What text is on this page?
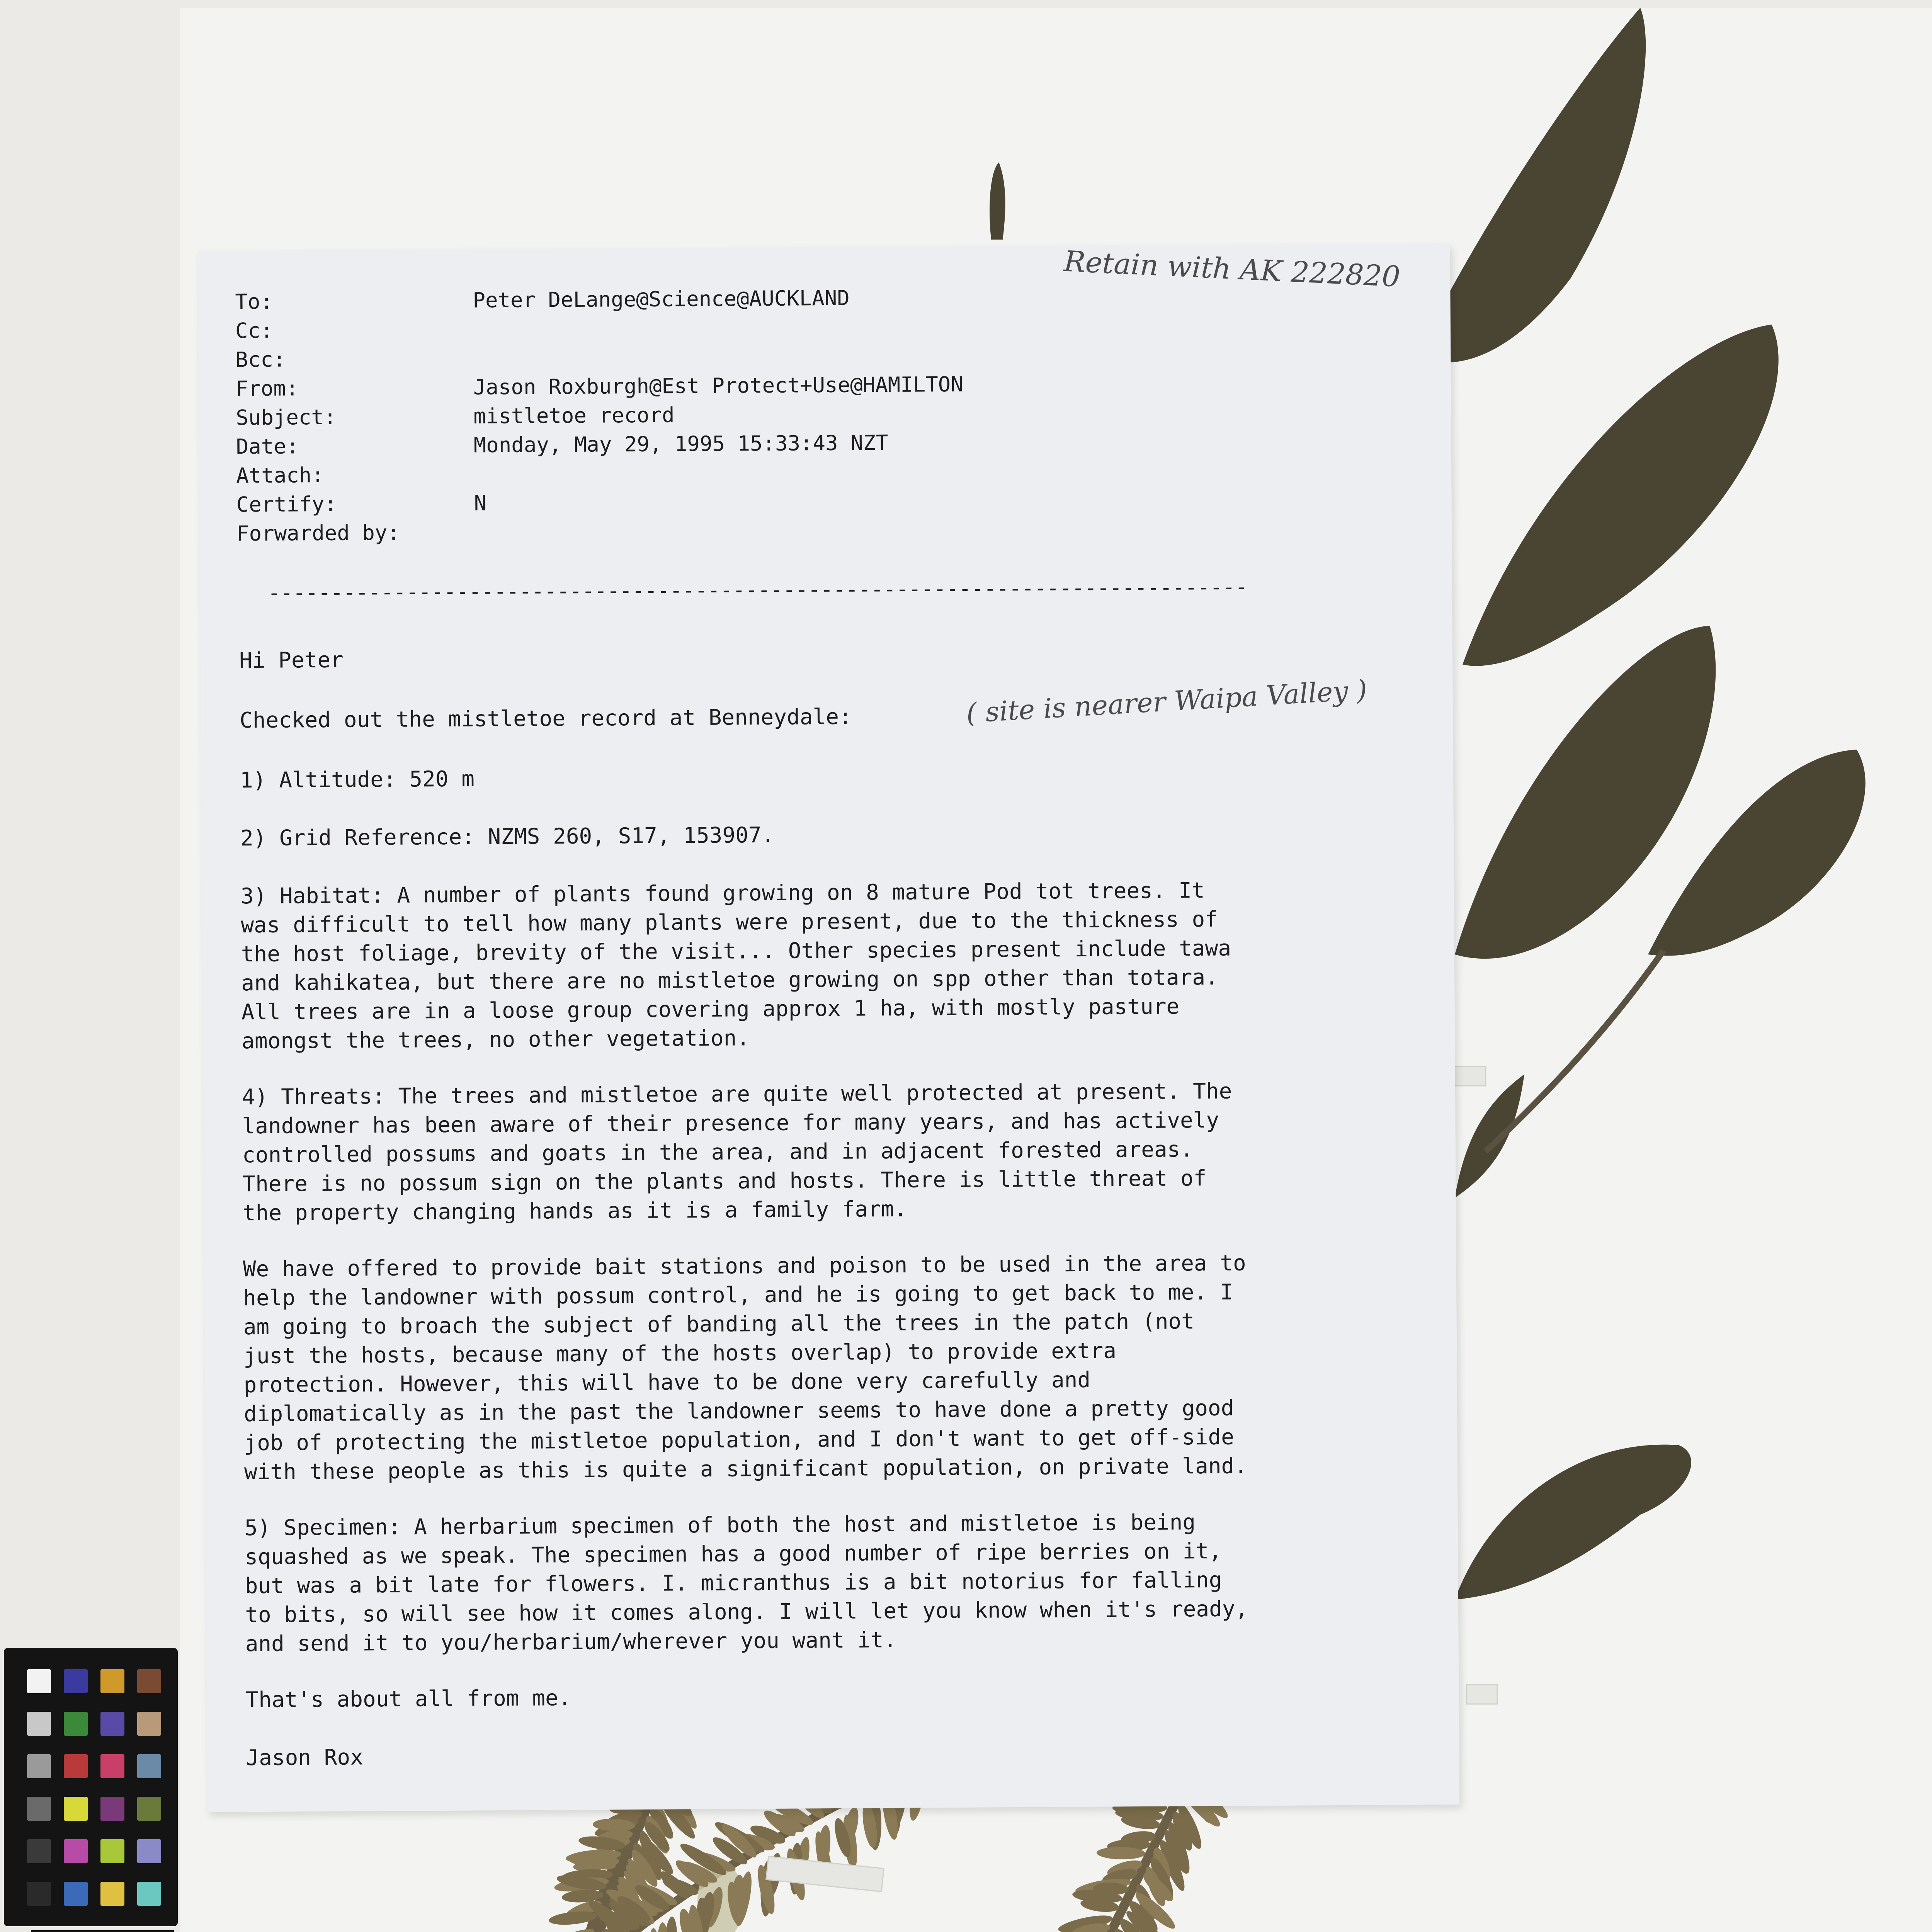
To:	Peter DeLange@Science@AUCKLAND
Cc:
Bcc:
From:	Jason Roxburgh@Est Protect+Use@HAMILTON
Subject:	mistletoe record
Date:	Monday, May 29, 1995 15:33:43 NZT
Attach:
Certify:	N
Forwarded by:
------------------------------------------------------------------------------
Hi Peter
Checked out the mistletoe record at Benneydale:
1) Altitude: 520 m
2) Grid Reference: NZMS 260, S17, 153907.
3) Habitat: A number of plants found growing on 8 mature Pod tot trees. It
was difficult to tell how many plants were present, due to the thickness of
the host foliage, brevity of the visit... Other species present include tawa
and kahikatea, but there are no mistletoe growing on spp other than totara.
All trees are in a loose group covering approx 1 ha, with mostly pasture
amongst the trees, no other vegetation.
4) Threats: The trees and mistletoe are quite well protected at present. The
landowner has been aware of their presence for many years, and has actively
controlled possums and goats in the area, and in adjacent forested areas.
There is no possum sign on the plants and hosts. There is little threat of
the property changing hands as it is a family farm.
We have offered to provide bait stations and poison to be used in the area to
help the landowner with possum control, and he is going to get back to me. I
am going to broach the subject of banding all the trees in the patch (not
just the hosts, because many of the hosts overlap) to provide extra
protection. However, this will have to be done very carefully and
diplomatically as in the past the landowner seems to have done a pretty good
job of protecting the mistletoe population, and I don't want to get off-side
with these people as this is quite a significant population, on private land.
5) Specimen: A herbarium specimen of both the host and mistletoe is being
squashed as we speak. The specimen has a good number of ripe berries on it,
but was a bit late for flowers. I. micranthus is a bit notorius for falling
to bits, so will see how it comes along. I will let you know when it's ready,
and send it to you/herbarium/wherever you want it.
That's about all from me.
Jason Rox
Retain with AK 222820
( site is nearer Waipa Valley )
